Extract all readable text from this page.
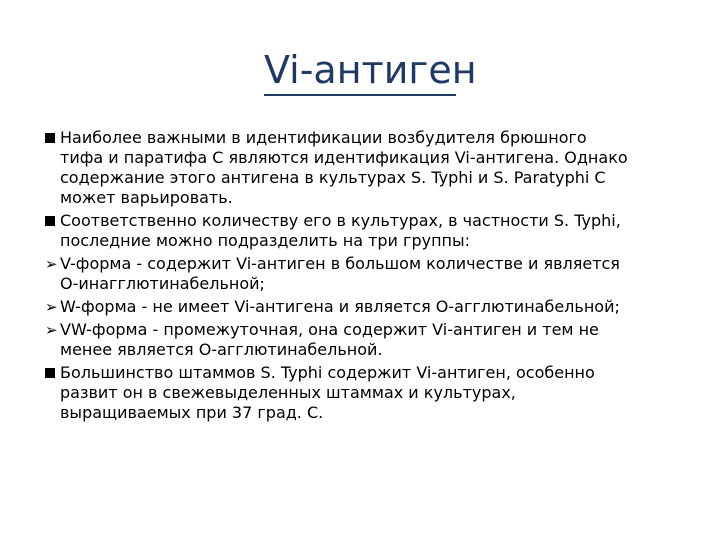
Vi-антиген
Наиболее важными в идентификации возбудителя брюшного
тифа и паратифа С являются идентификация Vi-антигена. Однако
содержание этого антигена в культурах S. Typhi и S. Paratyphi C
может варьировать.
Соответственно количеству его в культурах, в частности S. Typhi,
последние можно подразделить на три группы:
➢ V-форма - содержит Vi-антиген в большом количестве и является
О-инагглютинабельной;
➢ W-форма - не имеет Vi-антигена и является О-агглютинабельной;
➢ VW-форма - промежуточная, она содержит Vi-антиген и тем не
менее является О-агглютинабельной.
Большинство штаммов S. Typhi содержит Vi-антиген, особенно
развит он в свежевыделенных штаммах и культурах,
выращиваемых при 37 град. С.
